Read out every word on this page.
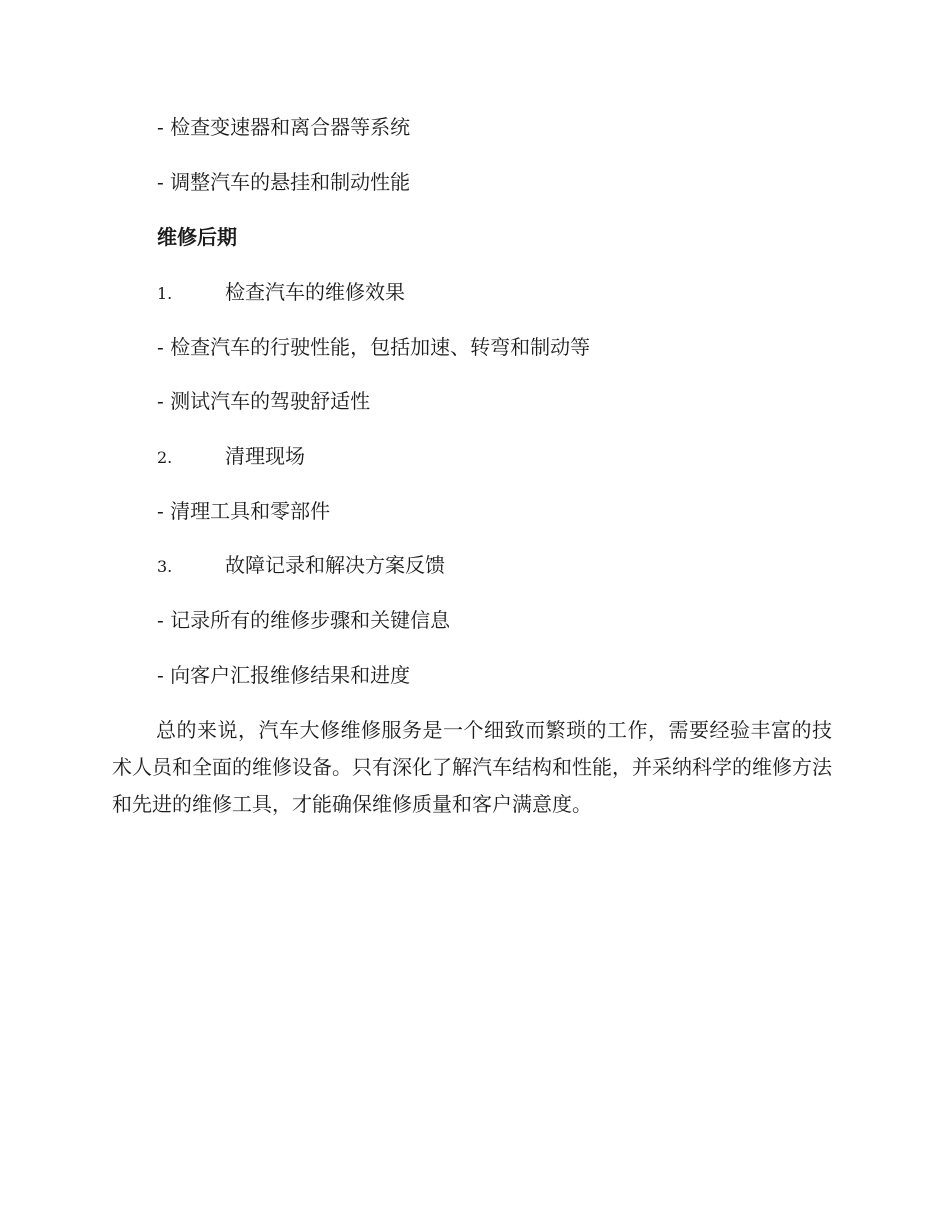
- 检查变速器和离合器等系统
- 调整汽车的悬挂和制动性能
维修后期
1.	检查汽车的维修效果
- 检查汽车的行驶性能，包括加速、转弯和制动等
- 测试汽车的驾驶舒适性
2.	清理现场
- 清理工具和零部件
3.	故障记录和解决方案反馈
- 记录所有的维修步骤和关键信息
- 向客户汇报维修结果和进度
总的来说，汽车大修维修服务是一个细致而繁琐的工作，需要经验丰富的技术人员和全面的维修设备。只有深化了解汽车结构和性能，并采纳科学的维修方法和先进的维修工具，才能确保维修质量和客户满意度。
